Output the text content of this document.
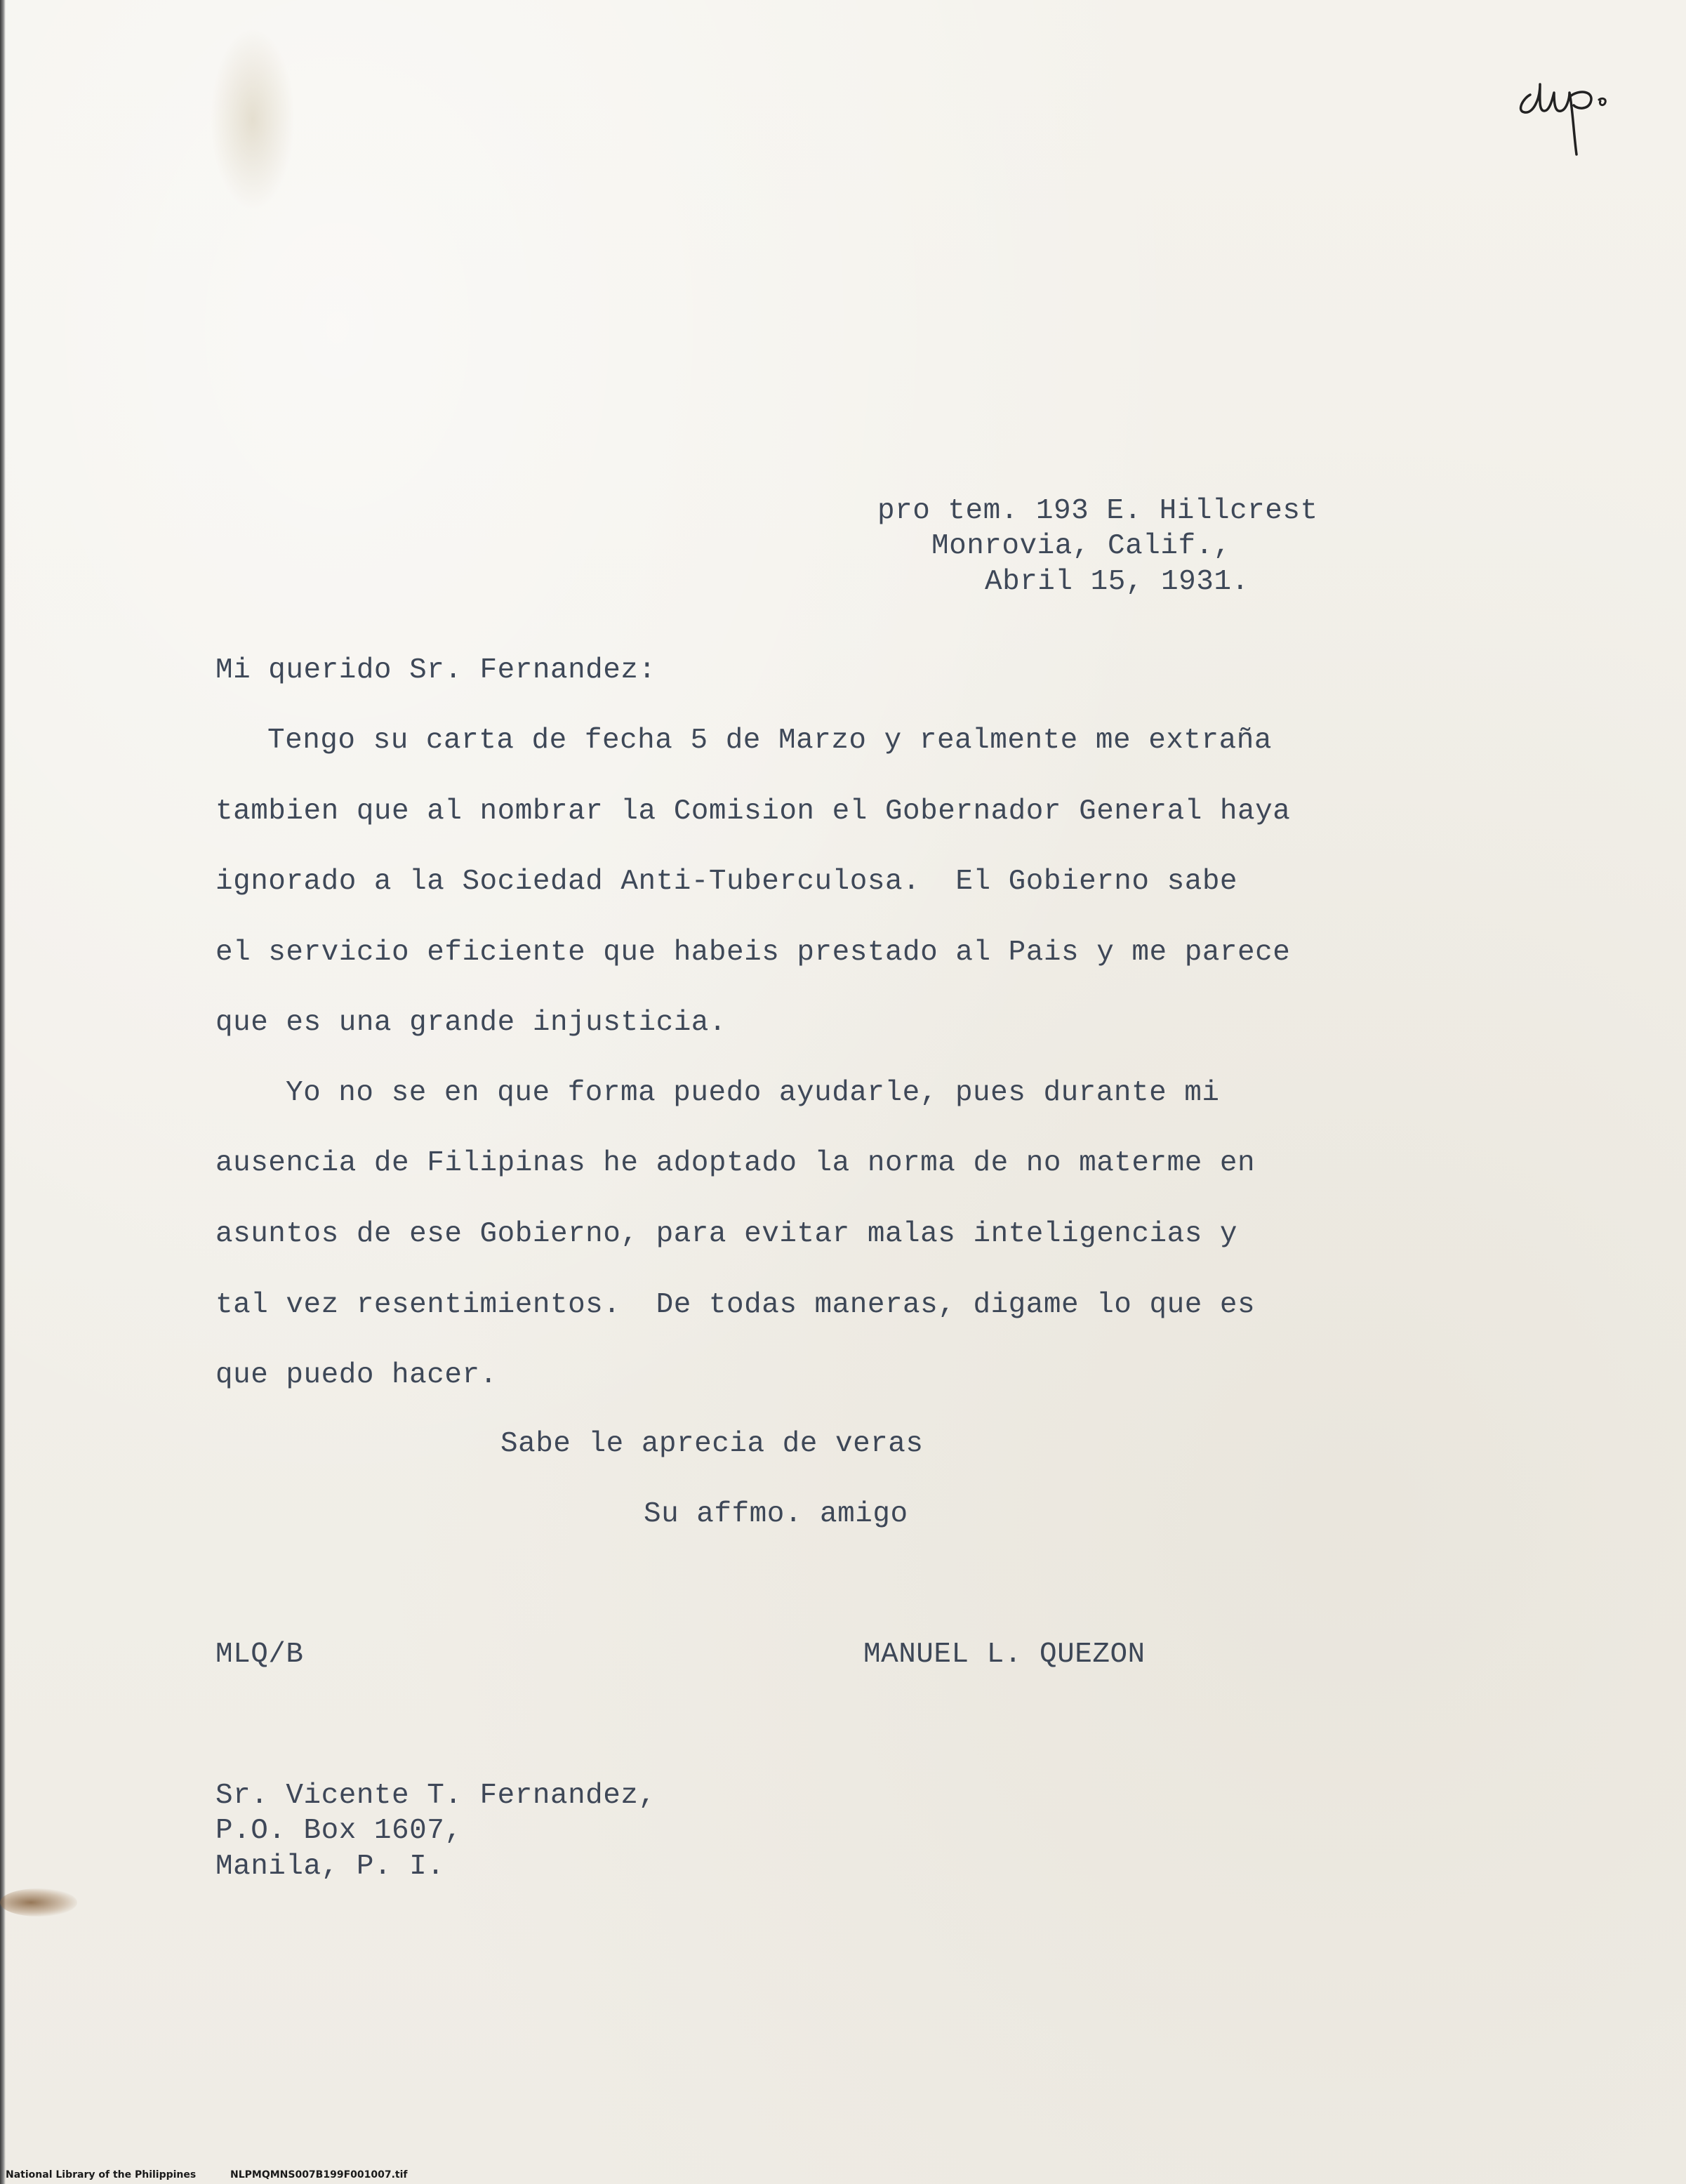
pro tem. 193 E. Hillcrest
Monrovia, Calif.,
Abril 15, 1931.
Mi querido Sr. Fernandez:
Tengo su carta de fecha 5 de Marzo y realmente me extraña
tambien que al nombrar la Comision el Gobernador General haya
ignorado a la Sociedad Anti-Tuberculosa.  El Gobierno sabe
el servicio eficiente que habeis prestado al Pais y me parece
que es una grande injusticia.
Yo no se en que forma puedo ayudarle, pues durante mi
ausencia de Filipinas he adoptado la norma de no materme en
asuntos de ese Gobierno, para evitar malas inteligencias y
tal vez resentimientos.  De todas maneras, digame lo que es
que puedo hacer.
Sabe le aprecia de veras
Su affmo. amigo
MLQ/B	MANUEL L. QUEZON
Sr. Vicente T. Fernandez,
P.O. Box 1607,
Manila, P. I.
National Library of the Philippines	NLPMQMNS007B199F001007.tif
